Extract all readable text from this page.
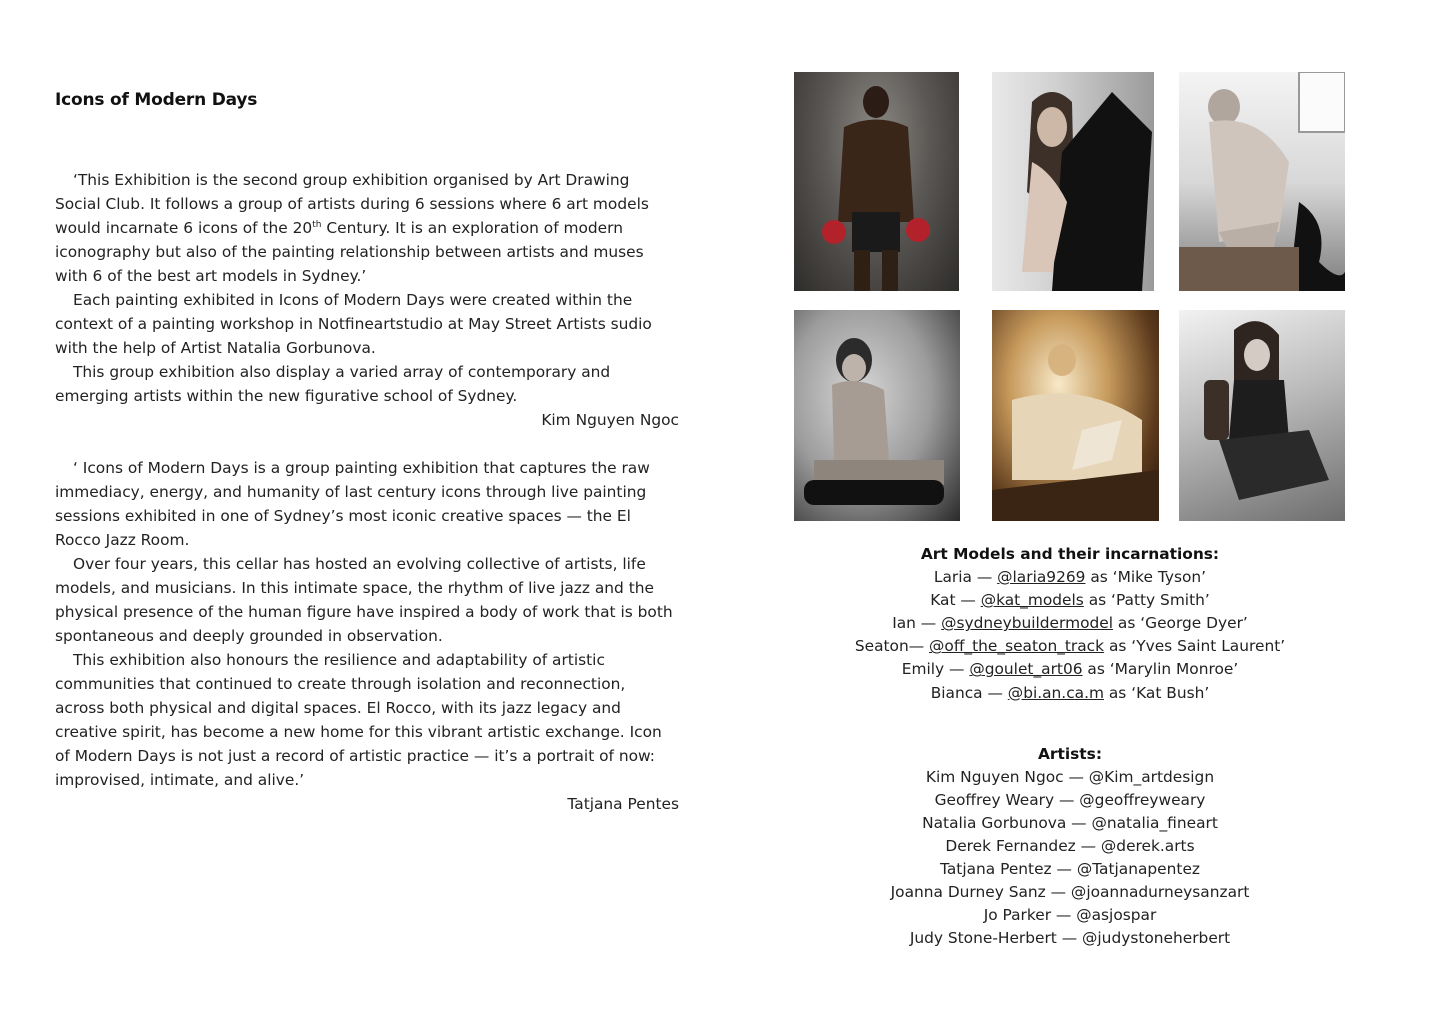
Icons of Modern Days

‘This Exhibition is the second group exhibition organised by Art Drawing Social Club. It follows a group of artists during 6 sessions where 6 art models would incarnate 6 icons of the 20th Century. It is an exploration of modern iconography but also of the painting relationship between artists and muses with 6 of the best art models in Sydney.’

Each painting exhibited in Icons of Modern Days were created within the context of a painting workshop in Notfineartstudio at May Street Artists sudio with the help of Artist Natalia Gorbunova.

This group exhibition also display a varied array of contemporary and emerging artists within the new figurative school of Sydney.

Kim Nguyen Ngoc

‘ Icons of Modern Days is a group painting exhibition that captures the raw immediacy, energy, and humanity of last century icons through live painting sessions exhibited in one of Sydney’s most iconic creative spaces — the El Rocco Jazz Room.

Over four years, this cellar has hosted an evolving collective of artists, life models, and musicians. In this intimate space, the rhythm of live jazz and the physical presence of the human figure have inspired a body of work that is both spontaneous and deeply grounded in observation.

This exhibition also honours the resilience and adaptability of artistic communities that continued to create through isolation and reconnection, across both physical and digital spaces. El Rocco, with its jazz legacy and creative spirit, has become a new home for this vibrant artistic exchange. Icon of Modern Days is not just a record of artistic practice — it’s a portrait of now: improvised, intimate, and alive.’

Tatjana Pentes

Art Models and their incarnations:

Laria — @laria9269 as ‘Mike Tyson’

Kat — @kat_models as ‘Patty Smith’

Ian — @sydneybuildermodel as ‘George Dyer’

Seaton— @off_the_seaton_track as ‘Yves Saint Laurent’

Emily — @goulet_art06 as ‘Marylin Monroe’

Bianca — @bi.an.ca.m as ‘Kat Bush’

Artists:

Kim Nguyen Ngoc — @Kim_artdesign

Geoffrey Weary — @geoffreyweary

Natalia Gorbunova — @natalia_fineart

Derek Fernandez — @derek.arts

Tatjana Pentez — @Tatjanapentez

Joanna Durney Sanz — @joannadurneysanzart

Jo Parker — @asjospar

Judy Stone-Herbert — @judystoneherbert
